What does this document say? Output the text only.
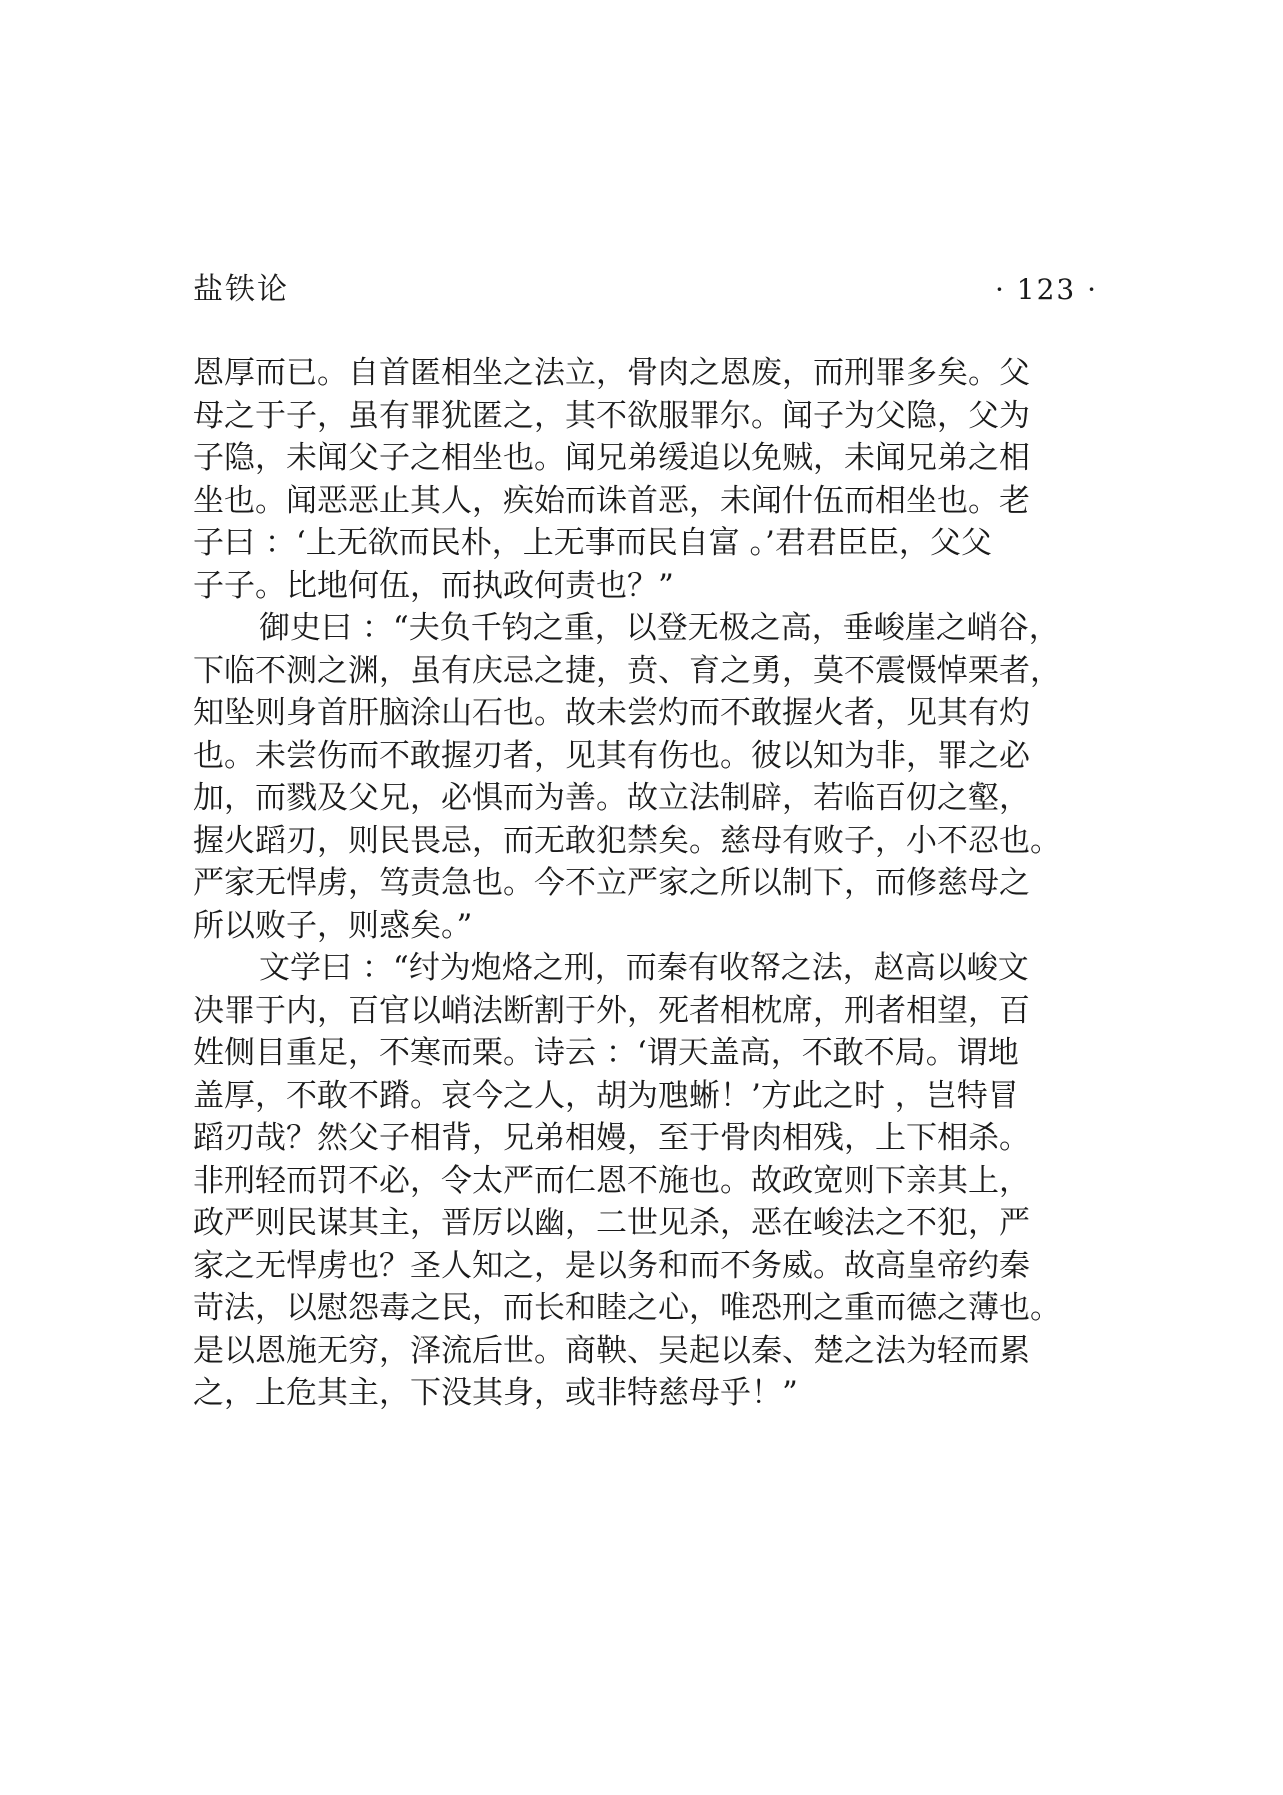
盐铁论	· 123 ·
恩厚而已。自首匿相坐之法立，骨肉之恩废，而刑罪多矣。父
母之于子，虽有罪犹匿之，其不欲服罪尔。闻子为父隐，父为
子隐，未闻父子之相坐也。闻兄弟缓追以免贼，未闻兄弟之相
坐也。闻恶恶止其人，疾始而诛首恶，未闻什伍而相坐也。老
子曰 ：‘上无欲而民朴，上无事而民自富 。’君君臣臣，父父
子子。比地何伍，而执政何责也？”
御史曰 ：“夫负千钧之重，以登无极之高，垂峻崖之峭谷，
下临不测之渊，虽有庆忌之捷，贲、育之勇，莫不震慑悼栗者，
知坠则身首肝脑涂山石也。故未尝灼而不敢握火者，见其有灼
也。未尝伤而不敢握刃者，见其有伤也。彼以知为非，罪之必
加，而戮及父兄，必惧而为善。故立法制辟，若临百仞之壑，
握火蹈刃，则民畏忌，而无敢犯禁矣。慈母有败子，小不忍也。
严家无悍虏，笃责急也。今不立严家之所以制下，而修慈母之
所以败子，则惑矣。”
文学曰 ：“纣为炮烙之刑，而秦有收帑之法，赵高以峻文
决罪于内，百官以峭法断割于外，死者相枕席，刑者相望，百
姓侧目重足，不寒而栗。诗云 ：‘谓天盖高，不敢不局。谓地
盖厚，不敢不蹐。哀今之人，胡为虺蜥！’方此之时 ，岂特冒
蹈刃哉？然父子相背，兄弟相嫚，至于骨肉相残，上下相杀。
非刑轻而罚不必，令太严而仁恩不施也。故政宽则下亲其上，
政严则民谋其主，晋厉以幽，二世见杀，恶在峻法之不犯，严
家之无悍虏也？圣人知之，是以务和而不务威。故高皇帝约秦
苛法，以慰怨毒之民，而长和睦之心，唯恐刑之重而德之薄也。
是以恩施无穷，泽流后世。商鞅、吴起以秦、楚之法为轻而累
之，上危其主，下没其身，或非特慈母乎！”
